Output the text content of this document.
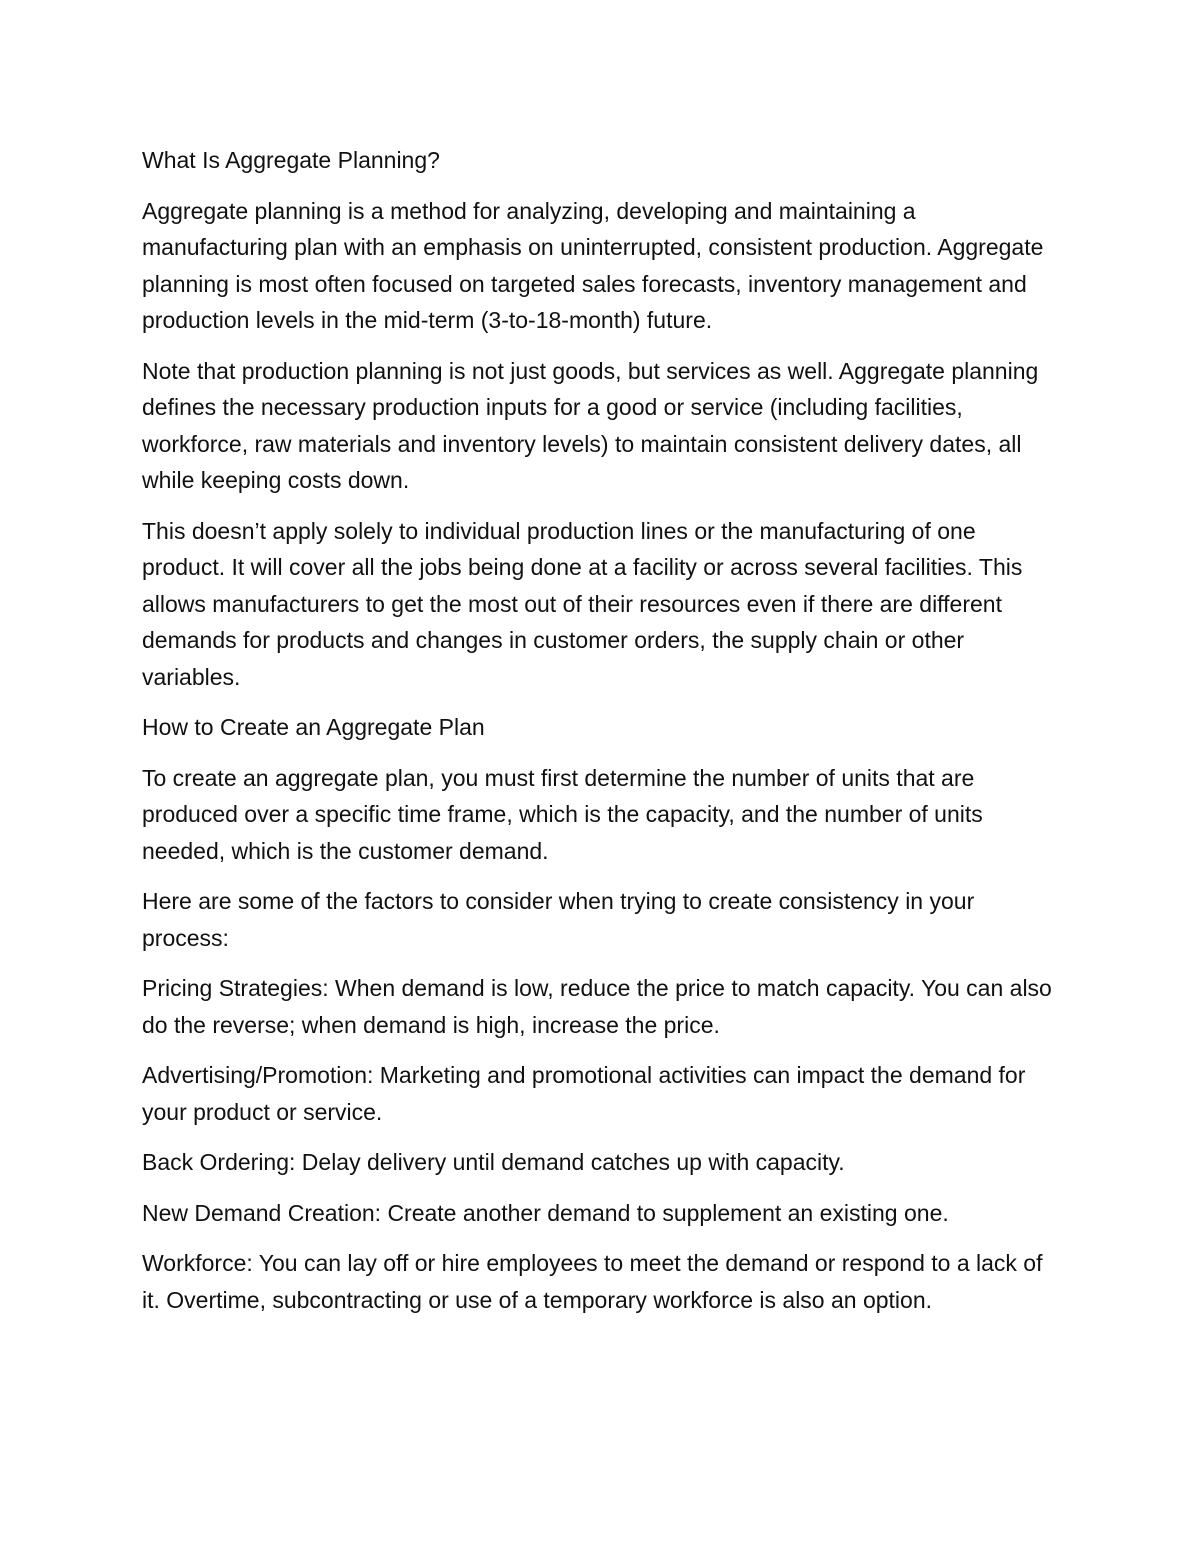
What Is Aggregate Planning?

Aggregate planning is a method for analyzing, developing and maintaining a manufacturing plan with an emphasis on uninterrupted, consistent production. Aggregate planning is most often focused on targeted sales forecasts, inventory management and production levels in the mid-term (3-to-18-month) future.

Note that production planning is not just goods, but services as well. Aggregate planning defines the necessary production inputs for a good or service (including facilities, workforce, raw materials and inventory levels) to maintain consistent delivery dates, all while keeping costs down.

This doesn’t apply solely to individual production lines or the manufacturing of one product. It will cover all the jobs being done at a facility or across several facilities. This allows manufacturers to get the most out of their resources even if there are different demands for products and changes in customer orders, the supply chain or other variables.

How to Create an Aggregate Plan

To create an aggregate plan, you must first determine the number of units that are produced over a specific time frame, which is the capacity, and the number of units needed, which is the customer demand.

Here are some of the factors to consider when trying to create consistency in your process:

Pricing Strategies: When demand is low, reduce the price to match capacity. You can also do the reverse; when demand is high, increase the price.

Advertising/Promotion: Marketing and promotional activities can impact the demand for your product or service.

Back Ordering: Delay delivery until demand catches up with capacity.

New Demand Creation: Create another demand to supplement an existing one.

Workforce: You can lay off or hire employees to meet the demand or respond to a lack of it. Overtime, subcontracting or use of a temporary workforce is also an option.
